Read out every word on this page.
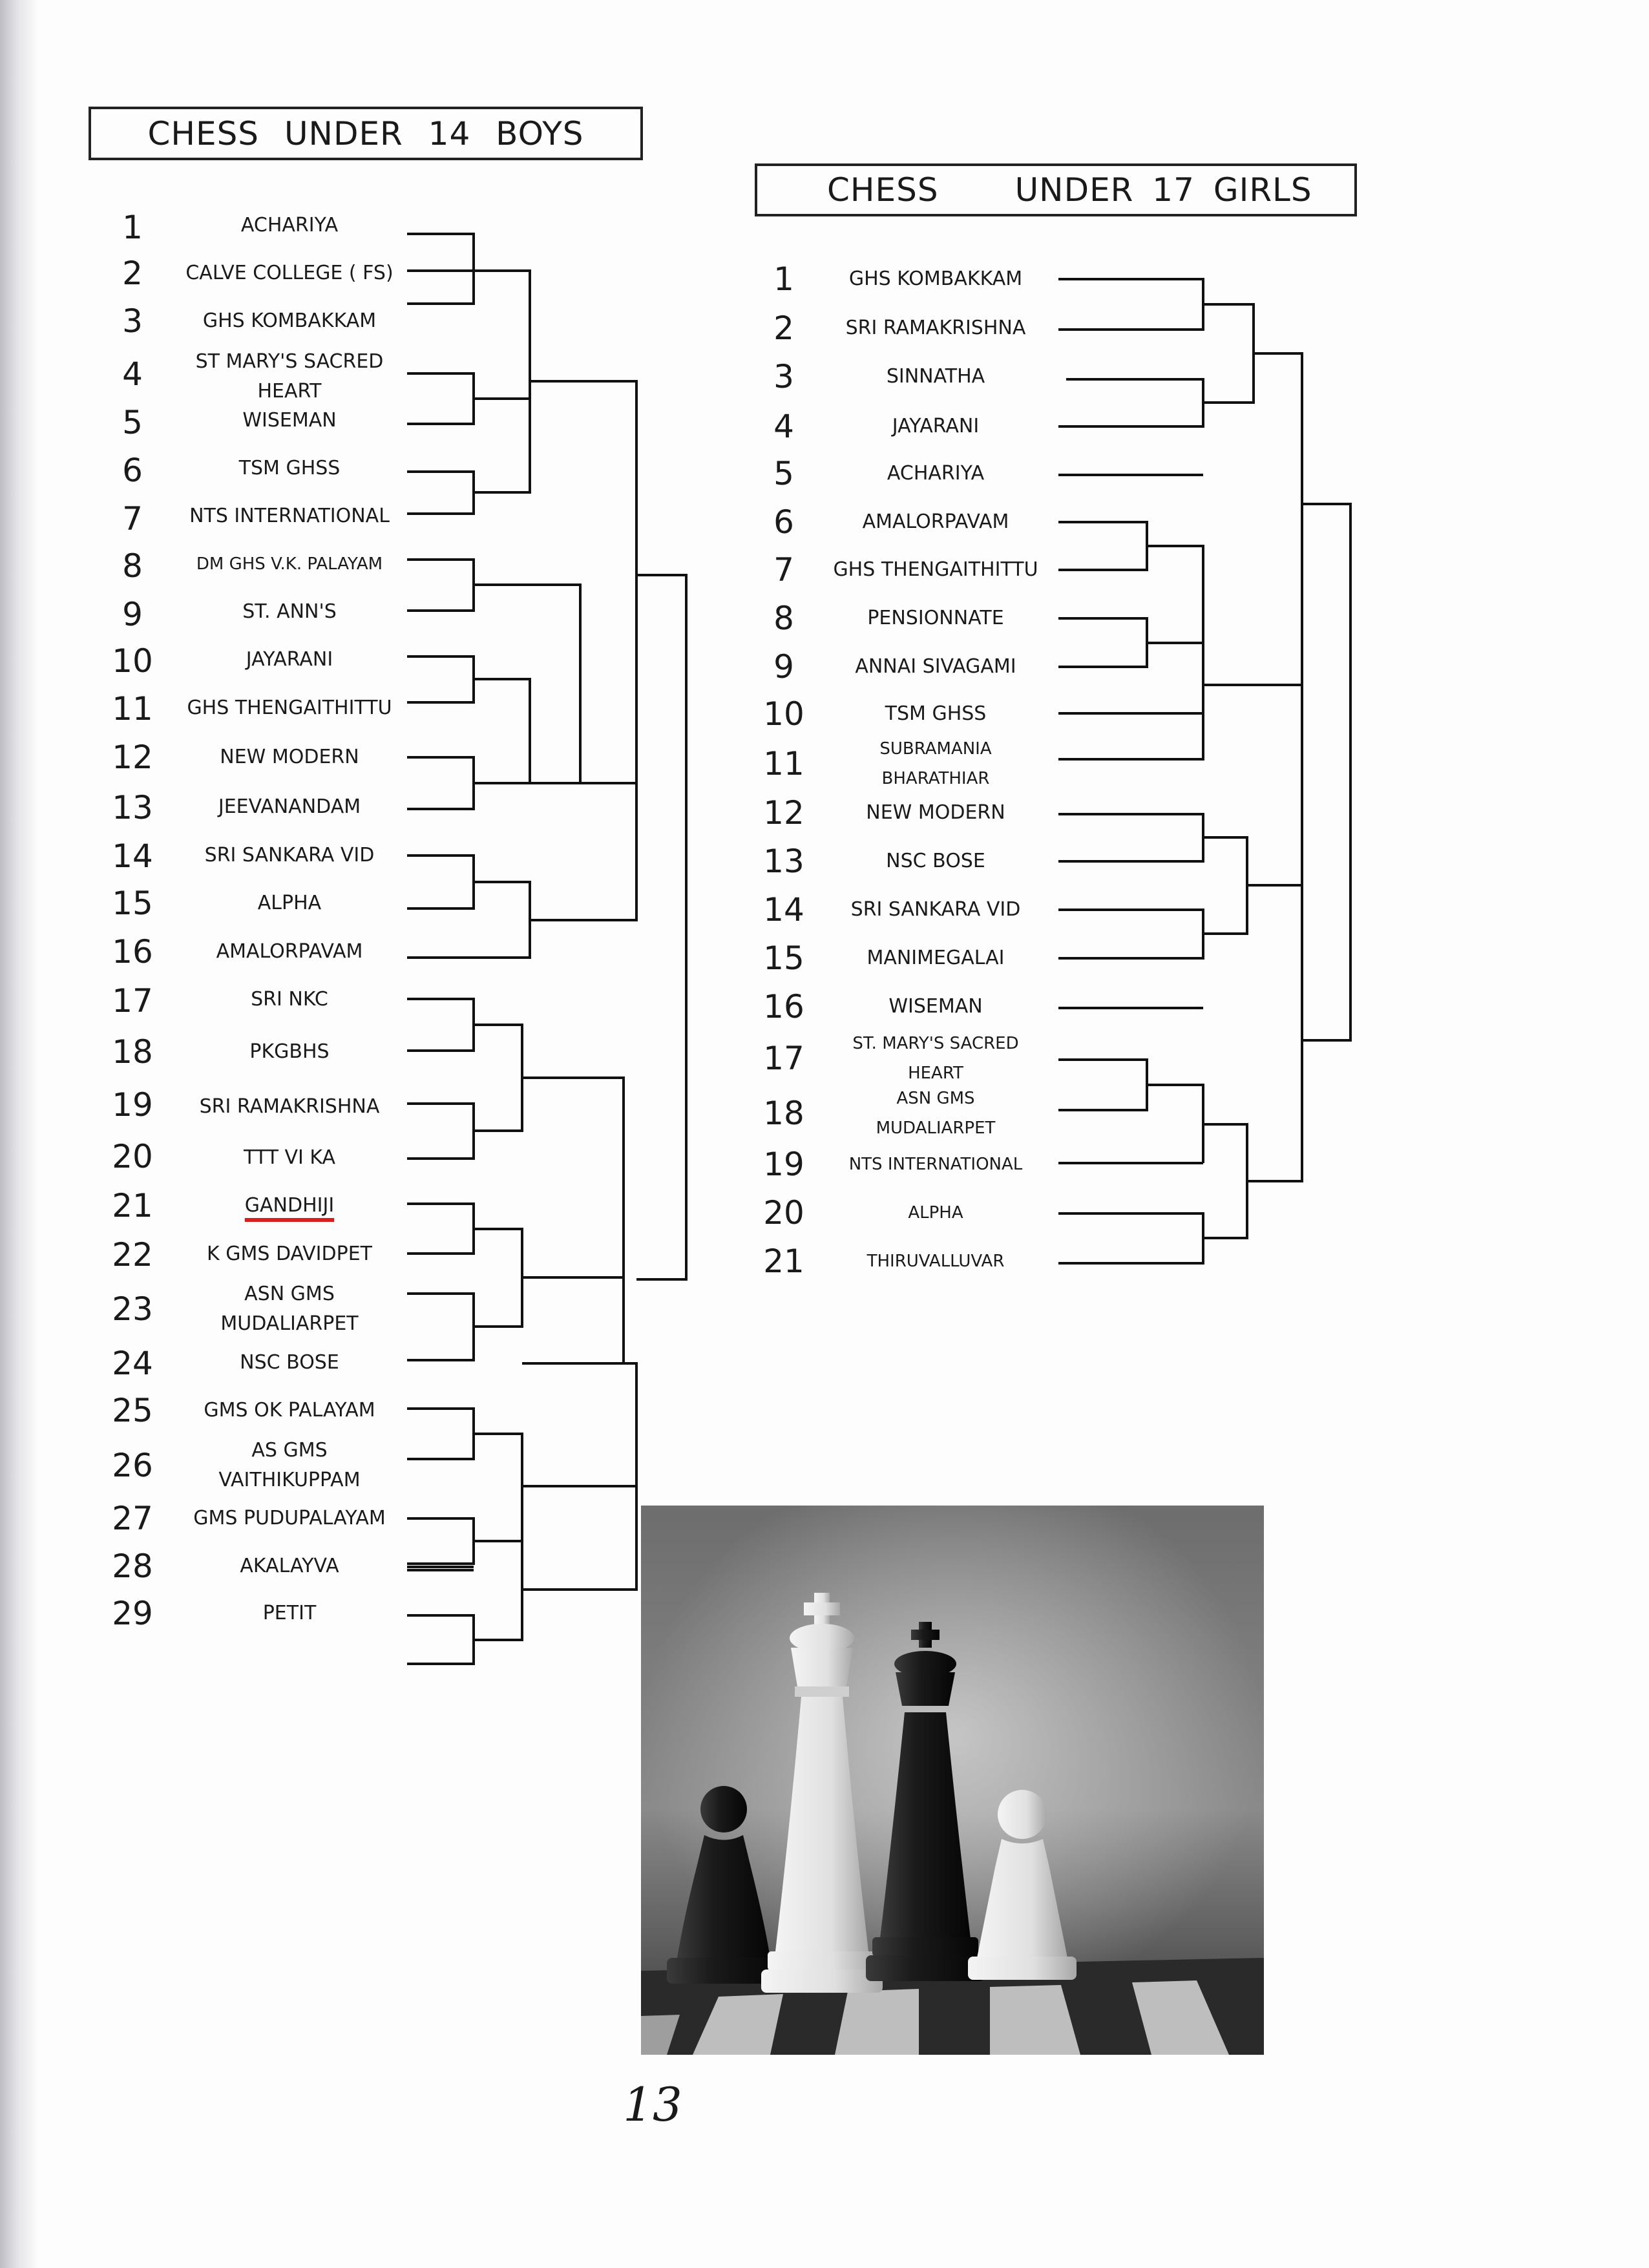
CHESS UNDER 14 BOYS
1	ACHARIYA
2	CALVE COLLEGE ( FS)
3	GHS KOMBAKKAM
4	ST MARY'S SACRED HEART
5	WISEMAN
6	TSM GHSS
7	NTS INTERNATIONAL
8	DM GHS V.K. PALAYAM
9	ST. ANN'S
10	JAYARANI
11	GHS THENGAITHITTU
12	NEW MODERN
13	JEEVANANDAM
14	SRI SANKARA VID
15	ALPHA
16	AMALORPAVAM
17	SRI NKC
18	PKGBHS
19	SRI RAMAKRISHNA
20	TTT VI KA
21	GANDHIJI
22	K GMS DAVIDPET
23	ASN GMS MUDALIARPET
24	NSC BOSE
25	GMS OK PALAYAM
26	AS GMS VAITHIKUPPAM
27	GMS PUDUPALAYAM
28	AKALAYVA
29	PETIT
CHESS UNDER 17 GIRLS
1	GHS KOMBAKKAM
2	SRI RAMAKRISHNA
3	SINNATHA
4	JAYARANI
5	ACHARIYA
6	AMALORPAVAM
7	GHS THENGAITHITTU
8	PENSIONNATE
9	ANNAI SIVAGAMI
10	TSM GHSS
11	SUBRAMANIA BHARATHIAR
12	NEW MODERN
13	NSC BOSE
14	SRI SANKARA VID
15	MANIMEGALAI
16	WISEMAN
17	ST. MARY'S SACRED HEART
18	ASN GMS MUDALIARPET
19	NTS INTERNATIONAL
20	ALPHA
21	THIRUVALLUVAR
13
